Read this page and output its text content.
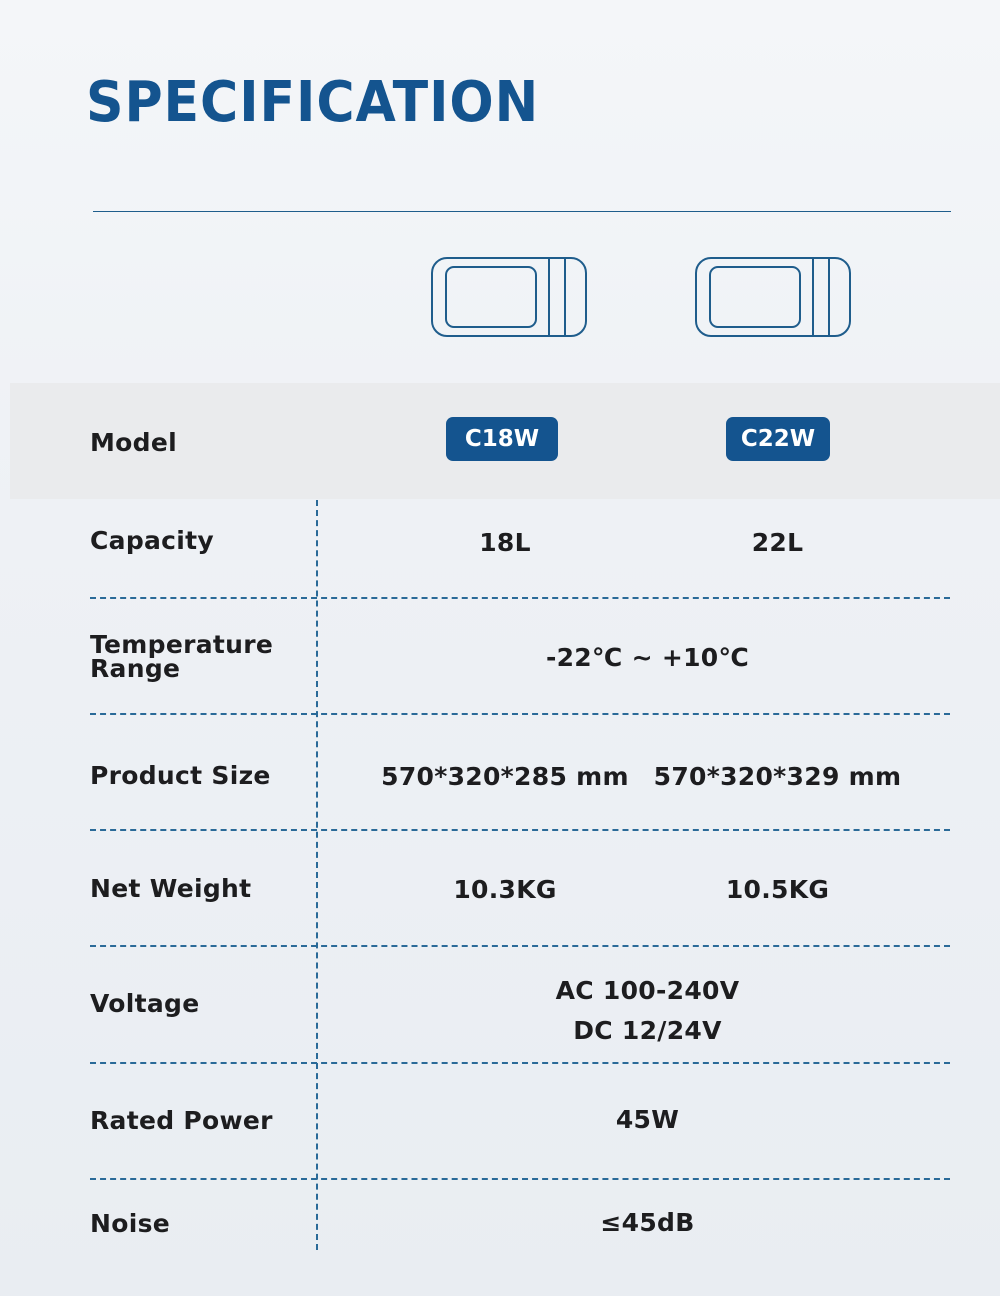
SPECIFICATION
Model	C18W	C22W
Capacity	18L	22L
Temperature
Range	-22℃ ~ +10℃
Product Size	570*320*285 mm 570*320*329 mm
Net Weight	10.3KG	10.5KG
Voltage	AC 100-240V
DC 12/24V
Rated Power	45W
Noise	≤45dB
